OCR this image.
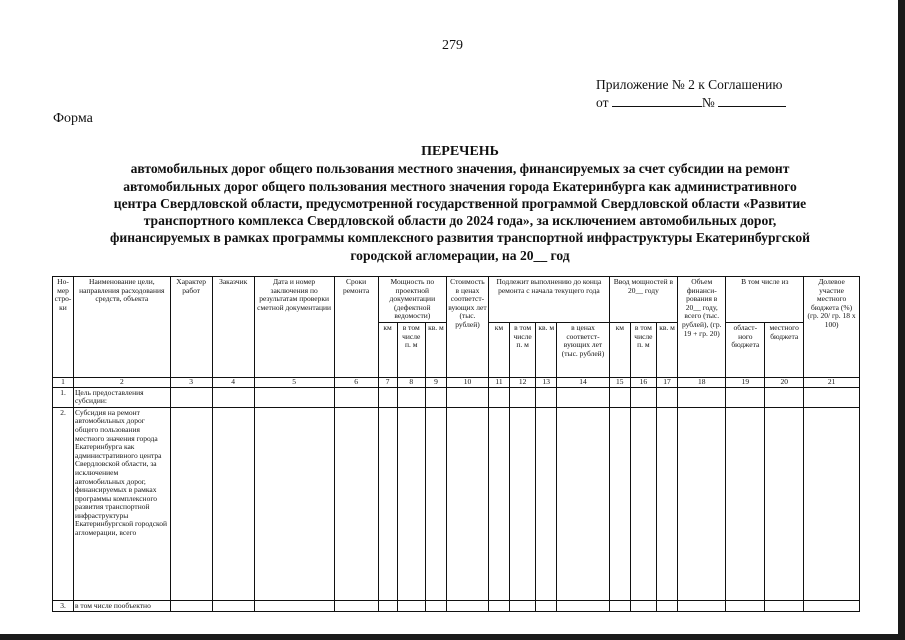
279
Приложение № 2 к Соглашению
от	№
Форма
ПЕРЕЧЕНЬ
автомобильных дорог общего пользования местного значения, финансируемых за счет субсидии на ремонт
автомобильных дорог общего пользования местного значения города Екатеринбурга как административного
центра Свердловской области, предусмотренной государственной программой Свердловской области «Развитие
транспортного комплекса Свердловской области до 2024 года», за исключением автомобильных дорог,
финансируемых в рамках программы комплексного развития транспортной инфраструктуры Екатеринбургской
городской агломерации, на 20__ год
Но-мер стро-ки	Наименование цели, направления расходования средств, объекта	Характер работ	Заказчик	Дата и номер заключения по результатам проверки сметной документации	Сроки ремонта	Мощность по проектной документации (дефектной ведомости)			Стоимость в ценах соответст-вующих лет (тыс. рублей)	Подлежит выполнению до конца ремонта с начала текущего года				Ввод мощностей в 20__ году			Объем финанси-рования в 20__ году, всего (тыс. рублей), (гр. 19 + гр. 20)	В том числе из		Долевое участие местного бюджета (%) (гр. 20/ гр. 18 x 100)
						км	в том числе п. м	кв. м		км	в том числе п. м	кв. м	в ценах соответст-вующих лет (тыс. рублей)	км	в том числе п. м	кв. м		област-ного бюджета	местного бюджета	
1	2	3	4	5	6	7	8	9	10	11	12	13	14	15	16	17	18	19	20	21
1.	Цель предоставления субсидии:																			
2.	Субсидия на ремонт автомобильных дорог общего пользования местного значения города Екатеринбурга как административного центра Свердловской области, за исключением автомобильных дорог, финансируемых в рамках программы комплексного развития транспортной инфраструктуры Екатеринбургской городской агломерации, всего																			
3.	в том числе пообъектно																			
